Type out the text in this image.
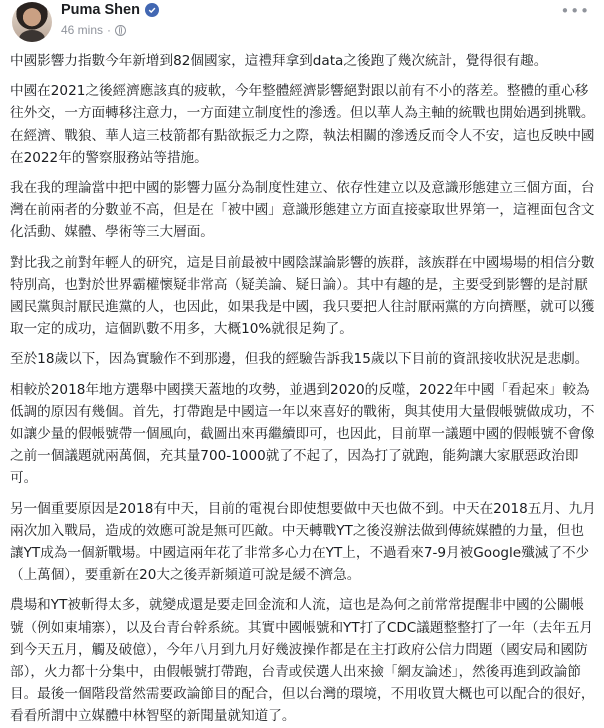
Puma Shen
46 mins ·
•••

中國影響力指數今年新增到82個國家，這禮拜拿到data之後跑了幾次統計，覺得很有趣。

中國在2021之後經濟應該真的疲軟，今年整體經濟影響絕對跟以前有不小的落差。整體的重心移往外交，一方面轉移注意力，一方面建立制度性的滲透。但以華人為主軸的統戰也開始遇到挑戰。在經濟、戰狼、華人這三枝箭都有點欲振乏力之際，執法相關的滲透反而令人不安，這也反映中國在2022年的警察服務站等措施。

我在我的理論當中把中國的影響力區分為制度性建立、依存性建立以及意識形態建立三個方面，台灣在前兩者的分數並不高，但是在「被中國」意識形態建立方面直接豪取世界第一，這裡面包含文化活動、媒體、學術等三大層面。

對比我之前對年輕人的研究，這是目前最被中國陰謀論影響的族群，該族群在中國場場的相信分數特別高，也對於世界霸權懷疑非常高（疑美論、疑日論）。其中有趣的是，主要受到影響的是討厭國民黨與討厭民進黨的人，也因此，如果我是中國，我只要把人往討厭兩黨的方向擠壓，就可以獲取一定的成功，這個趴數不用多，大概10%就很足夠了。

至於18歲以下，因為實驗作不到那邊，但我的經驗告訴我15歲以下目前的資訊接收狀況是悲劇。

相較於2018年地方選舉中國撲天蓋地的攻勢，並遇到2020的反噬，2022年中國「看起來」較為低調的原因有幾個。首先，打帶跑是中國這一年以來喜好的戰術，與其使用大量假帳號做成功，不如讓少量的假帳號帶一個風向，截圖出來再繼續即可，也因此，目前單一議題中國的假帳號不會像之前一個議題就兩萬個，充其量700-1000就了不起了，因為打了就跑，能夠讓大家厭惡政治即可。

另一個重要原因是2018有中天，目前的電視台即使想要做中天也做不到。中天在2018五月、九月兩次加入戰局，造成的效應可說是無可匹敵。中天轉戰YT之後沒辦法做到傳統媒體的力量，但也讓YT成為一個新戰場。中國這兩年花了非常多心力在YT上，不過看來7-9月被Google殲滅了不少（上萬個），要重新在20大之後弄新頻道可說是緩不濟急。

農場和YT被斬得太多，就變成還是要走回金流和人流，這也是為何之前常常提醒非中國的公關帳號（例如東埔寨），以及台青台幹系統。其實中國帳號和YT打了CDC議題整整打了一年（去年五月到今天五月，觸及破億），今年八月到九月好幾波操作都是在主打政府公信力問題（國安局和國防部），火力都十分集中，由假帳號打帶跑，台青或侯選人出來撿「網友論述」，然後再進到政論節目。最後一個階段當然需要政論節目的配合，但以台灣的環境，不用收買大概也可以配合的很好，看看所謂中立媒體中林智堅的新聞量就知道了。
